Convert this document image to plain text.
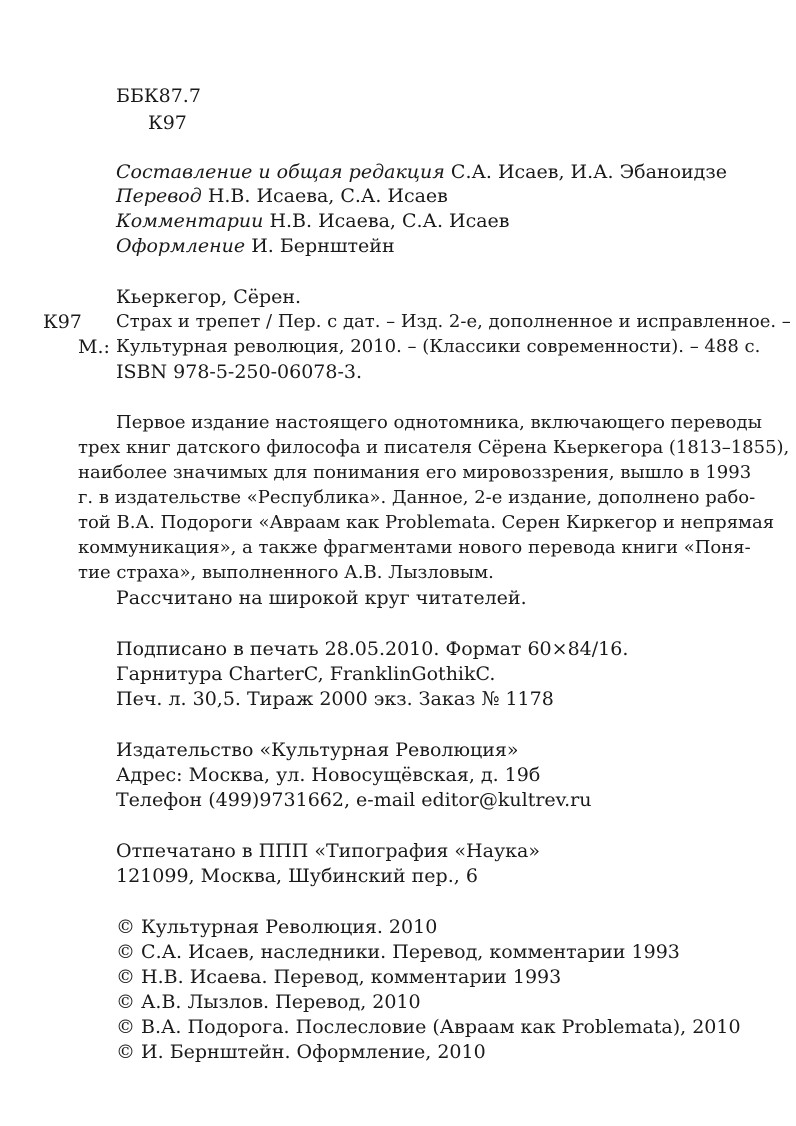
ББК87.7
К97
Составление и общая редакция С.А. Исаев, И.А. Эбаноидзе
Перевод Н.В. Исаева, С.А. Исаев
Комментарии Н.В. Исаева, С.А. Исаев
Оформление И. Бернштейн
Кьеркегор, Сёрен.
К97 Страх и трепет / Пер. с дат. – Изд. 2-е, дополненное и исправленное. –
М.: Культурная революция, 2010. – (Классики современности). – 488 с.
ISBN 978-5-250-06078-3.
Первое издание настоящего однотомника, включающего переводы
трех книг датского философа и писателя Сёрена Кьеркегора (1813–1855),
наиболее значимых для понимания его мировоззрения, вышло в 1993
г. в издательстве «Республика». Данное, 2-е издание, дополнено рабо-
той В.А. Подороги «Авраам как Problemata. Серен Киркегор и непрямая
коммуникация», а также фрагментами нового перевода книги «Поня-
тие страха», выполненного А.В. Лызловым.
Рассчитано на широкой круг читателей.
Подписано в печать 28.05.2010. Формат 60×84/16.
Гарнитура CharterC, FranklinGothikC.
Печ. л. 30,5. Тираж 2000 экз. Заказ № 1178
Издательство «Культурная Революция»
Адрес: Москва, ул. Новосущёвская, д. 19б
Телефон (499)9731662, e-mail editor@kultrev.ru
Отпечатано в ППП «Типография «Наука»
121099, Москва, Шубинский пер., 6
© Культурная Революция. 2010
© С.А. Исаев, наследники. Перевод, комментарии 1993
© Н.В. Исаева. Перевод, комментарии 1993
© А.В. Лызлов. Перевод, 2010
© В.А. Подорога. Послесловие (Авраам как Problemata), 2010
© И. Бернштейн. Оформление, 2010
